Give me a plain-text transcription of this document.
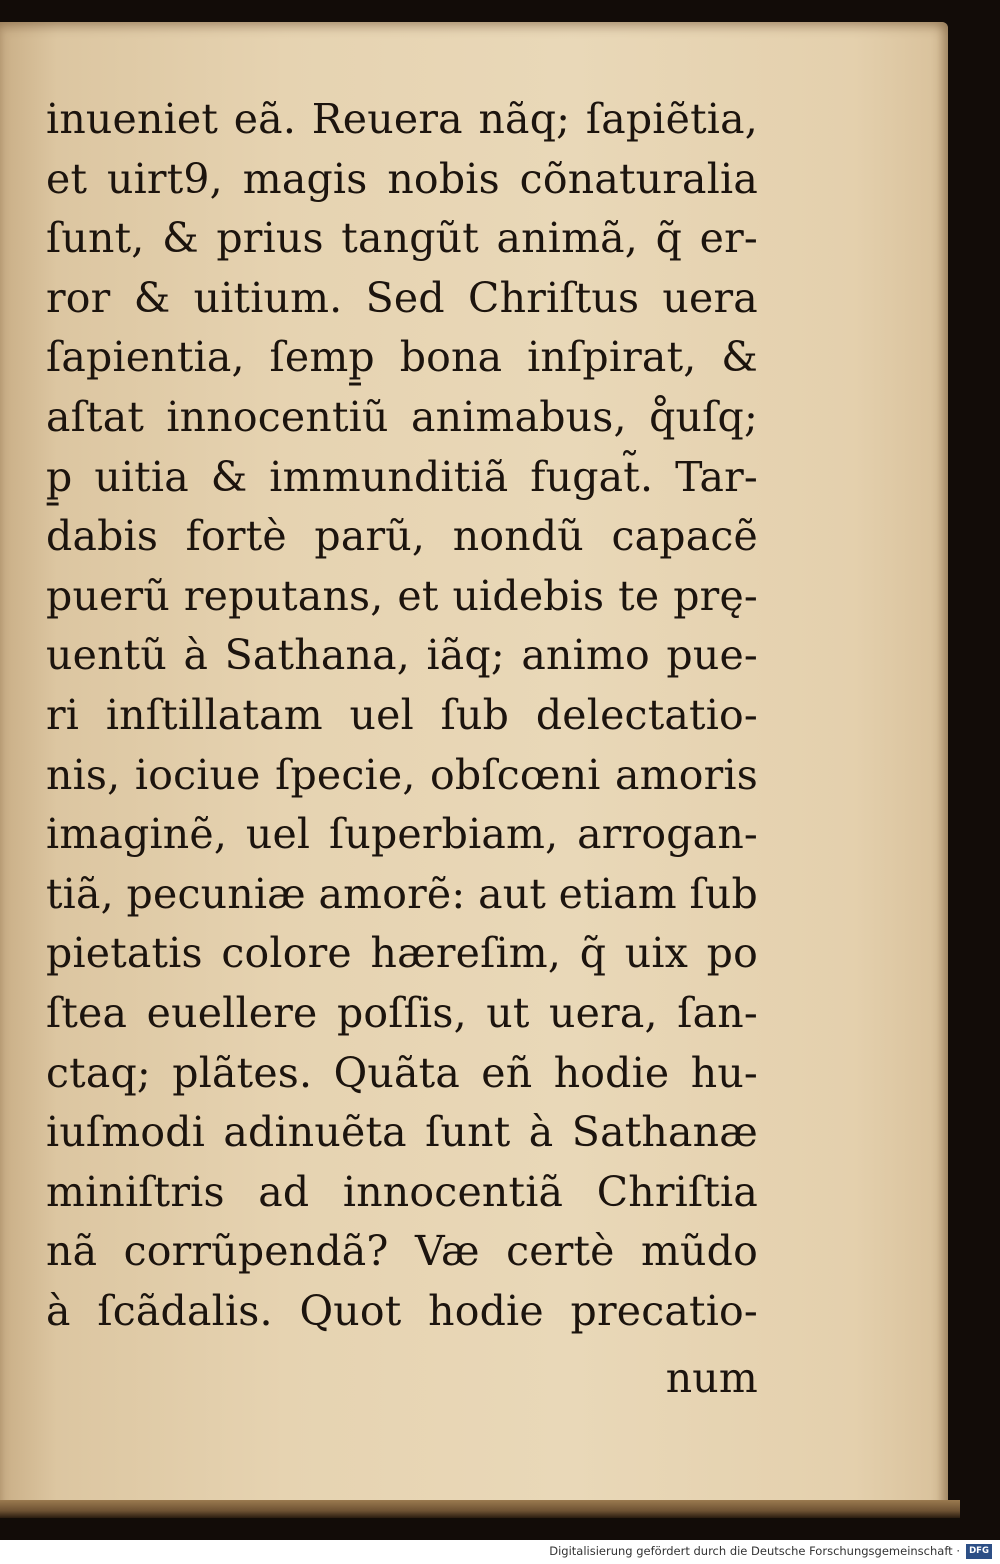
inueniet eã. Reuera nãq; ſapiẽtia,
et uirt9, magis nobis cõnaturalia
ſunt, & prius tangũt animã, q̃ er-
ror & uitium. Sed Chriſtus uera
ſapientia, ſemp̱ bona inſpirat, &
aſtat innocentiũ animabus, q̊uſq;
p̱ uitia & immunditiã fugat̃. Tar-
dabis fortè parũ, nondũ capacẽ
puerũ reputans, et uidebis te prę-
uentũ à Sathana, iãq; animo pue-
ri inſtillatam uel ſub delectatio-
nis, iociue ſpecie, obſcœni amoris
imaginẽ, uel ſuperbiam, arrogan-
tiã, pecuniæ amorẽ: aut etiam ſub
pietatis colore hæreſim, q̃ uix po
ſtea euellere poſſis, ut uera, ſan-
ctaq; plãtes. Quãta eñ hodie hu-
iuſmodi adinuẽta ſunt à Sathanæ
miniſtris ad innocentiã Chriſtia
nã corrũpendã? Væ certè mũdo
à ſcãdalis. Quot hodie precatio-
num
Digitalisierung gefördert durch die Deutsche Forschungsgemeinschaft ·	DFG
